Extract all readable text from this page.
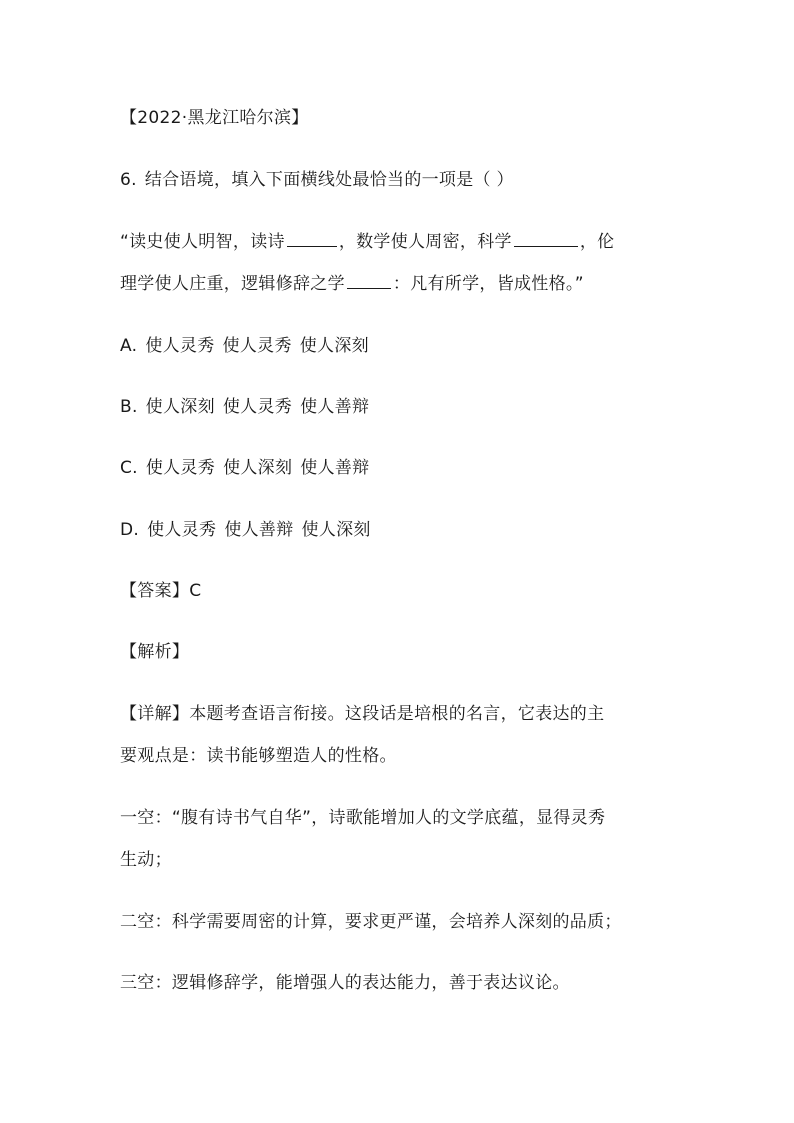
【2022·黑龙江哈尔滨】
6. 结合语境，填入下面横线处最恰当的一项是（ ）
“读史使人明智，读诗	，数学使人周密，科学	，伦
理学使人庄重，逻辑修辞之学	：凡有所学，皆成性格。”
A. 使人灵秀 使人灵秀 使人深刻
B. 使人深刻 使人灵秀 使人善辩
C. 使人灵秀 使人深刻 使人善辩
D. 使人灵秀 使人善辩 使人深刻
【答案】C
【解析】
【详解】本题考查语言衔接。这段话是培根的名言，它表达的主
要观点是：读书能够塑造人的性格。
一空：“腹有诗书气自华”，诗歌能增加人的文学底蕴，显得灵秀
生动；
二空：科学需要周密的计算，要求更严谨，会培养人深刻的品质；
三空：逻辑修辞学，能增强人的表达能力，善于表达议论。
